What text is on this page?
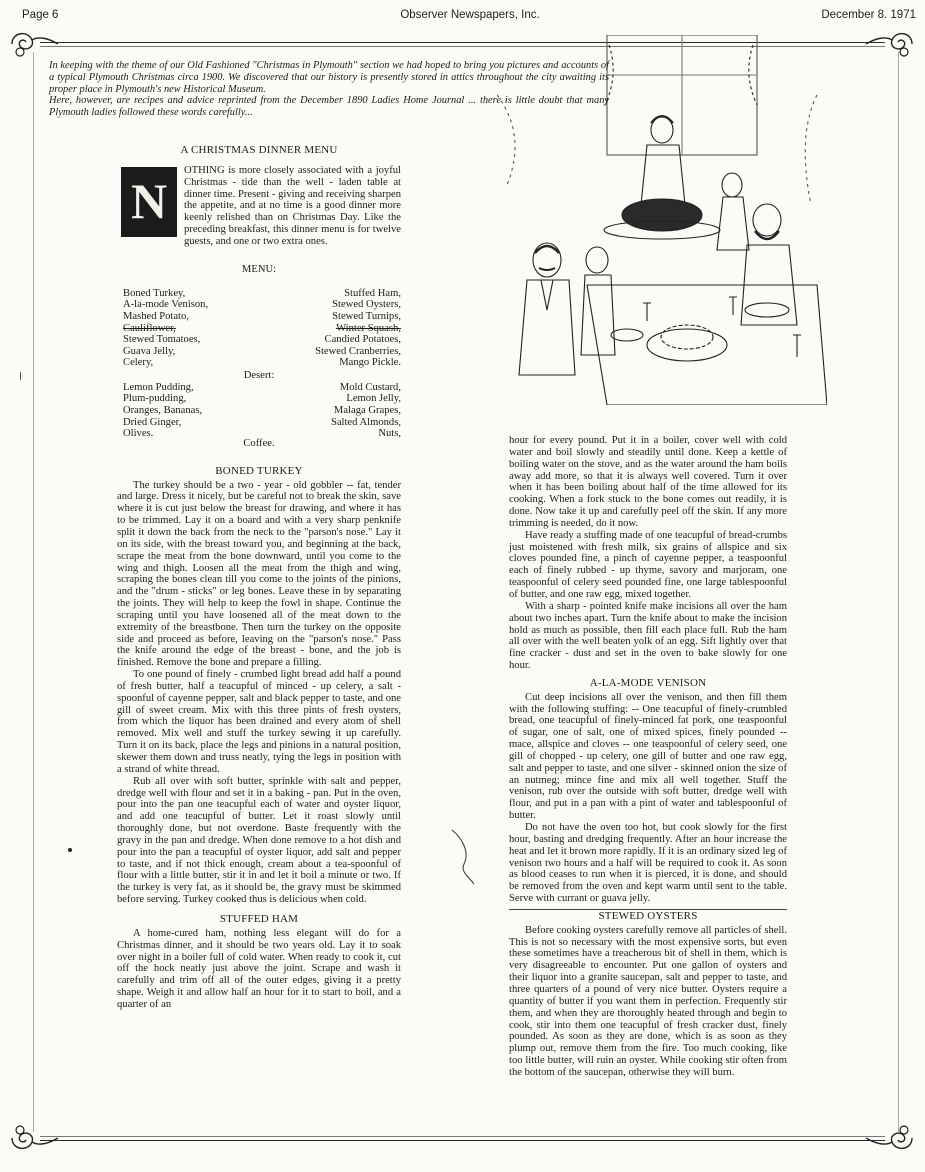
Page 6	Observer Newspapers, Inc.	December 8. 1971

In keeping with the theme of our Old Fashioned "Christmas in Plymouth" section we had hoped to bring you pictures and accounts of a typical Plymouth Christmas circa 1900. We discovered that our history is presently stored in attics throughout the city awaiting its proper place in Plymouth's new Historical Museum.

Here, however, are recipes and advice reprinted from the December 1890 Ladies Home Journal ... there is little doubt that many Plymouth ladies followed these words carefully...

A CHRISTMAS DINNER MENU
N

OTHING is more closely associated with a joyful Christmas - tide than the well - laden table at dinner time. Present - giving and receiving sharpen the appetite, and at no time is a good dinner more keenly relished than on Christmas Day. Like the preceding breakfast, this dinner menu is for twelve guests, and one or two extra ones.

MENU:
Boned Turkey,
A-la-mode Venison,
Mashed Potato,
Cauliflower,
Stewed Tomatoes,
Guava Jelly,
Celery,
Stuffed Ham,
Stewed Oysters,
Stewed Turnips,
Winter Squash,
Candied Potatoes,
Stewed Cranberries,
Mango Pickle.
Desert:
Lemon Pudding,
Plum-pudding,
Oranges, Bananas,
Dried Ginger,
Olives.
Mold Custard,
Lemon Jelly,
Malaga Grapes,
Salted Almonds,
Nuts,
Coffee.
BONED TURKEY

The turkey should be a two - year - old gobbler -- fat, tender and large. Dress it nicely, but be careful not to break the skin, save where it is cut just below the breast for drawing, and where it has to be trimmed. Lay it on a board and with a very sharp penknife split it down the back from the neck to the "parson's nose." Lay it on its side, with the breast toward you, and beginning at the back, scrape the meat from the bone downward, until you come to the wing and thigh. Loosen all the meat from the thigh and wing, scraping the bones clean till you come to the joints of the pinions, and the "drum - sticks" or leg bones. Leave these in by separating the joints. They will help to keep the fowl in shape. Continue the scraping until you have loosened all of the meat down to the extremity of the breastbone. Then turn the turkey on the opposite side and proceed as before, leaving on the "parson's nose." Pass the knife around the edge of the breast - bone, and the job is finished. Remove the bone and prepare a filling.

To one pound of finely - crumbed light bread add half a pound of fresh butter, half a teacupful of minced - up celery, a salt - spoonful of cayenne pepper, salt and black pepper to taste, and one gill of sweet cream. Mix with this three pints of fresh oysters, from which the liquor has been drained and every atom of shell removed. Mix well and stuff the turkey sewing it up carefully. Turn it on its back, place the legs and pinions in a natural position, skewer them down and truss neatly, tying the legs in position with a strand of white thread.

Rub all over with soft butter, sprinkle with salt and pepper, dredge well with flour and set it in a baking - pan. Put in the oven, pour into the pan one teacupful each of water and oyster liquor, and add one teacupful of butter. Let it roast slowly until thoroughly done, but not overdone. Baste frequently with the gravy in the pan and dredge. When done remove to a hot dish and pour into the pan a teacupful of oyster liquor, add salt and pepper to taste, and if not thick enough, cream about a tea-spoonful of flour with a little butter, stir it in and let it boil a minute or two. If the turkey is very fat, as it should be, the gravy must be skimmed before serving. Turkey cooked thus is delicious when cold.

STUFFED HAM

A home-cured ham, nothing less elegant will do for a Christmas dinner, and it should be two years old. Lay it to soak over night in a boiler full of cold water. When ready to cook it, cut off the hock neatly just above the joint. Scrape and wash it carefully and trim off all of the outer edges, giving it a pretty shape. Weigh it and allow half an hour for it to start to boil, and a quarter of an

hour for every pound. Put it in a boiler, cover well with cold water and boil slowly and steadily until done. Keep a kettle of boiling water on the stove, and as the water around the ham boils away add more, so that it is always well covered. Turn it over when it has been boiling about half of the time allowed for its cooking. When a fork stuck to the bone comes out readily, it is done. Now take it up and carefully peel off the skin. If any more trimming is needed, do it now.

Have ready a stuffing made of one teacupful of bread-crumbs just moistened with fresh milk, six grains of allspice and six cloves pounded fine, a pinch of cayenne pepper, a teaspoonful each of finely rubbed - up thyme, savory and marjoram, one teaspoonful of celery seed pounded fine, one large tablespoonful of butter, and one raw egg, mixed together.

With a sharp - pointed knife make incisions all over the ham about two inches apart. Turn the knife about to make the incision hold as much as possible, then fill each place full. Rub the ham all over with the well beaten yolk of an egg. Sift lightly over that fine cracker - dust and set in the oven to bake slowly for one hour.

A-LA-MODE VENISON

Cut deep incisions all over the venison, and then fill them with the following stuffing: -- One teacupful of finely-crumbled bread, one teacupful of finely-minced fat pork, one teaspoonful of sugar, one of salt, one of mixed spices, finely pounded -- mace, allspice and cloves -- one teaspoonful of celery seed, one gill of chopped - up celery, one gill of butter and one raw egg, salt and pepper to taste, and one silver - skinned onion the size of an nutmeg; mince fine and mix all well together. Stuff the venison, rub over the outside with soft butter, dredge well with flour, and put in a pan with a pint of water and tablespoonful of butter.

Do not have the oven too hot, but cook slowly for the first hour, basting and dredging frequently. After an hour increase the heat and let it brown more rapidly. If it is an ordinary sized leg of venison two hours and a half will be required to cook it. As soon as blood ceases to run when it is pierced, it is done, and should be removed from the oven and kept warm until sent to the table. Serve with currant or guava jelly.

STEWED OYSTERS

Before cooking oysters carefully remove all particles of shell. This is not so necessary with the most expensive sorts, but even these sometimes have a treacherous bit of shell in them, which is very disagreeable to encounter. Put one gallon of oysters and their liquor into a granite saucepan, salt and pepper to taste, and three quarters of a pound of very nice butter. Oysters require a quantity of butter if you want them in perfection. Frequently stir them, and when they are thoroughly heated through and begin to cook, stir into them one teacupful of fresh cracker dust, finely pounded. As soon as they are done, which is as soon as they plump out, remove them from the fire. Too much cooking, like too little butter, will ruin an oyster. While cooking stir often from the bottom of the saucepan, otherwise they will burn.
